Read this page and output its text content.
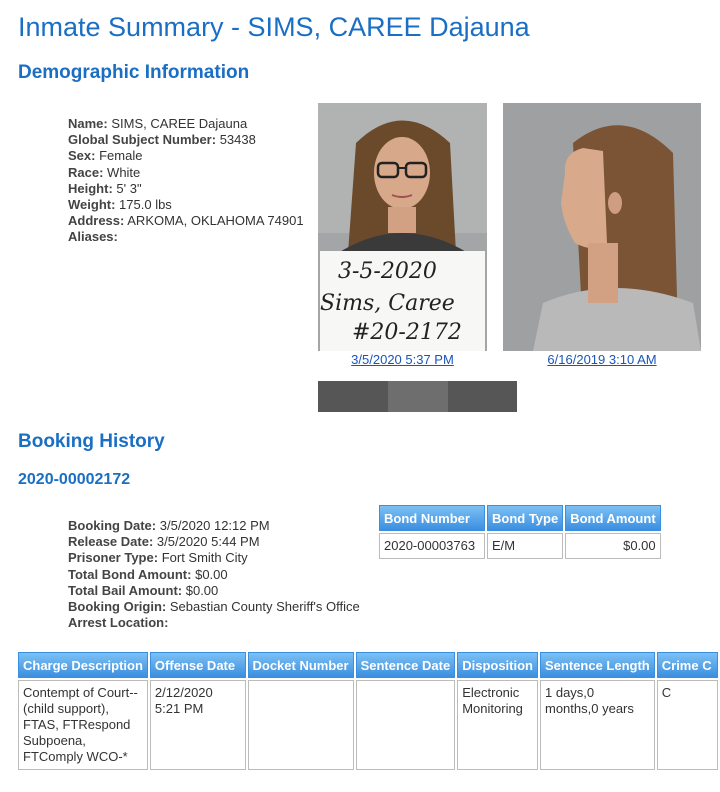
Inmate Summary - SIMS, CAREE Dajauna
Demographic Information
Name: SIMS, CAREE Dajauna
Global Subject Number: 53438
Sex: Female
Race: White
Height: 5' 3"
Weight: 175.0 lbs
Address: ARKOMA, OKLAHOMA 74901
Aliases:
3-5-2020
Sims, Caree
#20-2172
3/5/2020 5:37 PM	6/16/2019 3:10 AM
Booking History
2020-00002172
Booking Date: 3/5/2020 12:12 PM
Release Date: 3/5/2020 5:44 PM
Prisoner Type: Fort Smith City
Total Bond Amount: $0.00
Total Bail Amount: $0.00
Booking Origin: Sebastian County Sheriff's Office
Arrest Location:
Bond Number	Bond Type	Bond Amount
2020-00003763	E/M	$0.00
Charge Description	Offense Date	Docket Number	Sentence Date	Disposition	Sentence Length	Crime C
Contempt of Court--(child support), FTAS, FTRespond Subpoena, FTComply WCO-*	2/12/2020 5:21 PM			Electronic Monitoring	1 days,0 months,0 years	C
